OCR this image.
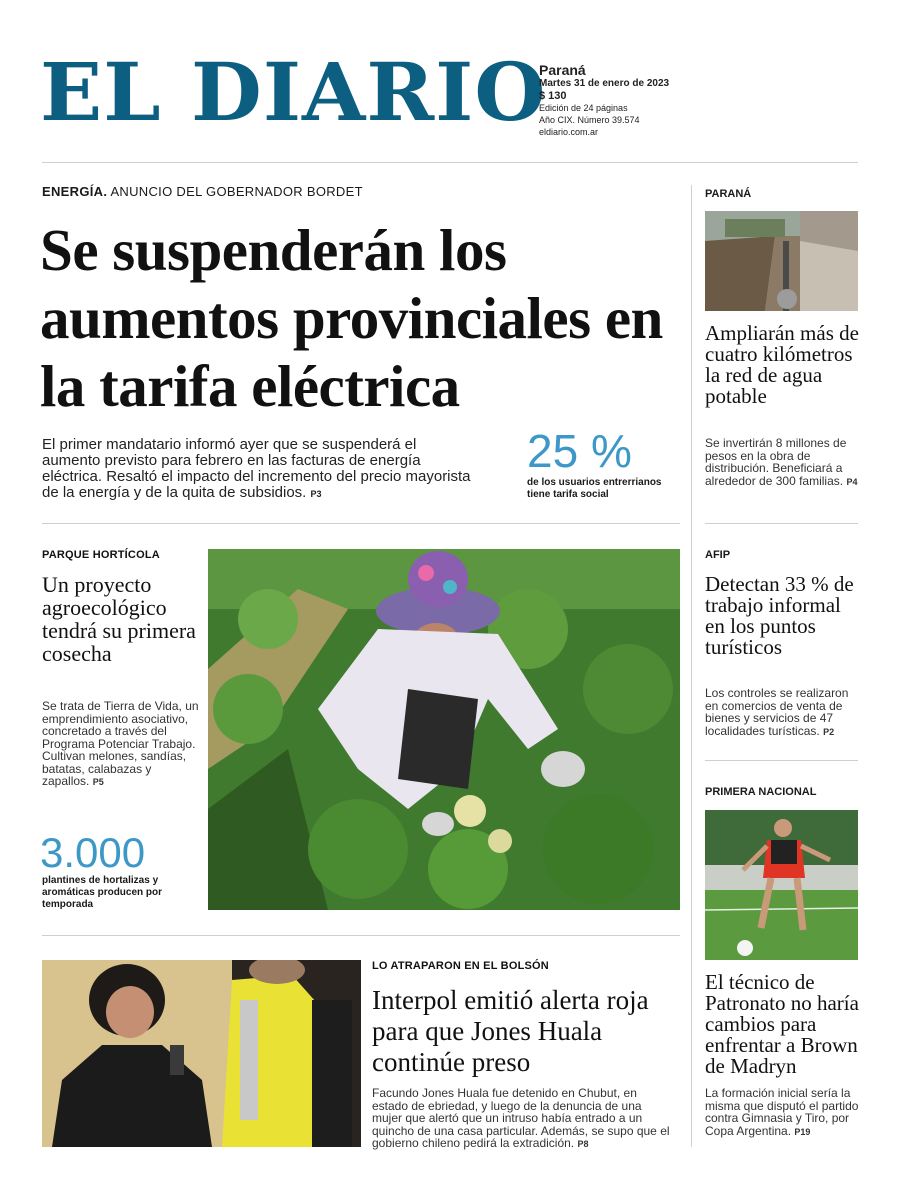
EL DIARIO
Paraná
Martes 31 de enero de 2023
$ 130
Edición de 24 páginas
Año CIX. Número 39.574
eldiario.com.ar
ENERGÍA. ANUNCIO DEL GOBERNADOR BORDET
Se suspenderán los aumentos provinciales en la tarifa eléctrica

El primer mandatario informó ayer que se suspenderá el aumento previsto para febrero en las facturas de energía eléctrica. Resaltó el impacto del incremento del precio mayorista de la energía y de la quita de subsidios. P3

25 %
de los usuarios entrerrianos tiene tarifa social
PARANÁ
Ampliarán más de cuatro kilómetros la red de agua potable

Se invertirán 8 millones de pesos en la obra de distribución. Beneficiará a alrededor de 300 familias. P4

AFIP
Detectan 33 % de trabajo informal en los puntos turísticos

Los controles se realizaron en comercios de venta de bienes y servicios de 47 localidades turísticas. P2

PRIMERA NACIONAL
El técnico de Patronato no haría cambios para enfrentar a Brown de Madryn

La formación inicial sería la misma que disputó el partido contra Gimnasia y Tiro, por Copa Argentina. P19

PARQUE HORTÍCOLA
Un proyecto agroecológico tendrá su primera cosecha

Se trata de Tierra de Vida, un emprendimiento asociativo, concretado a través del Programa Potenciar Trabajo. Cultivan melones, sandías, batatas, calabazas y zapallos. P5

3.000
plantines de hortalizas y aromáticas producen por temporada
LO ATRAPARON EN EL BOLSÓN
Interpol emitió alerta roja para que Jones Huala continúe preso

Facundo Jones Huala fue detenido en Chubut, en estado de ebriedad, y luego de la denuncia de una mujer que alertó que un intruso había entrado a un quincho de una casa particular. Además, se supo que el gobierno chileno pedirá la extradición. P8
